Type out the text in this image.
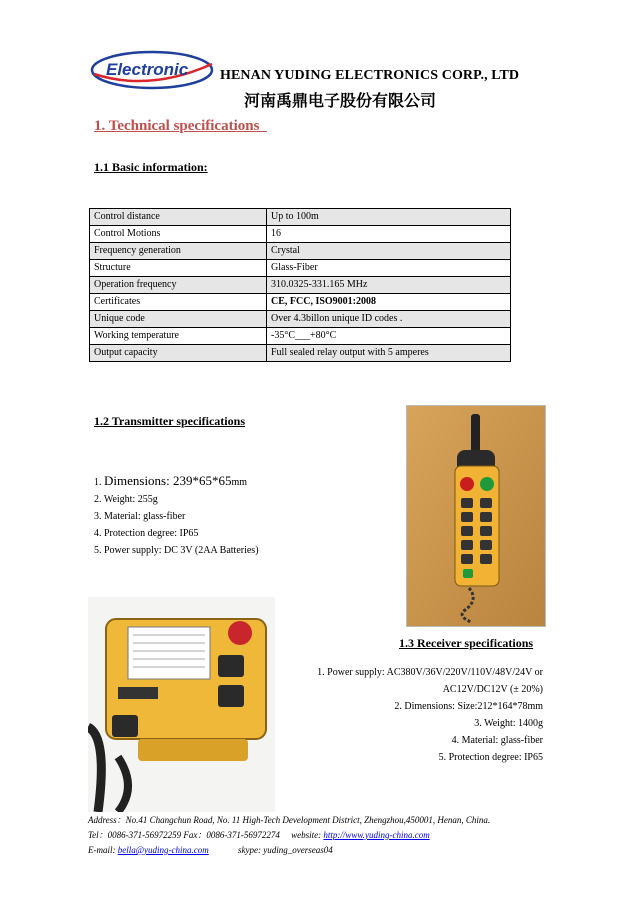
Electronic HENAN YUDING ELECTRONICS CORP., LTD
河南禹鼎电子股份有限公司
1. Technical specifications
1.1 Basic information:
Control distance	Up to 100m
Control Motions	16
Frequency generation	Crystal
Structure	Glass-Fiber
Operation frequency	310.0325-331.165 MHz
Certificates	CE, FCC, ISO9001:2008
Unique code	Over 4.3billon unique ID codes .
Working temperature	-35°C___+80°C
Output capacity	Full sealed relay output with 5 amperes
1.2 Transmitter specifications
1. Dimensions: 239*65*65mm
2. Weight: 255g
3. Material: glass-fiber
4. Protection degree: IP65
5. Power supply: DC 3V (2AA Batteries)
1.3 Receiver specifications
1. Power supply: AC380V/36V/220V/110V/48V/24V or
AC12V/DC12V (± 20%)
2. Dimensions: Size:212*164*78mm
3. Weight: 1400g
4. Material: glass-fiber
5. Protection degree: IP65
Address：No.41 Changchun Road, No. 11 High-Tech Development District, Zhengzhou,450001, Henan, China.
Tel：0086-371-56972259 Fax：0086-371-56972274 website: http://www.yuding-china.com
E-mail: bella@yuding-china.com	skype: yuding_overseas04
